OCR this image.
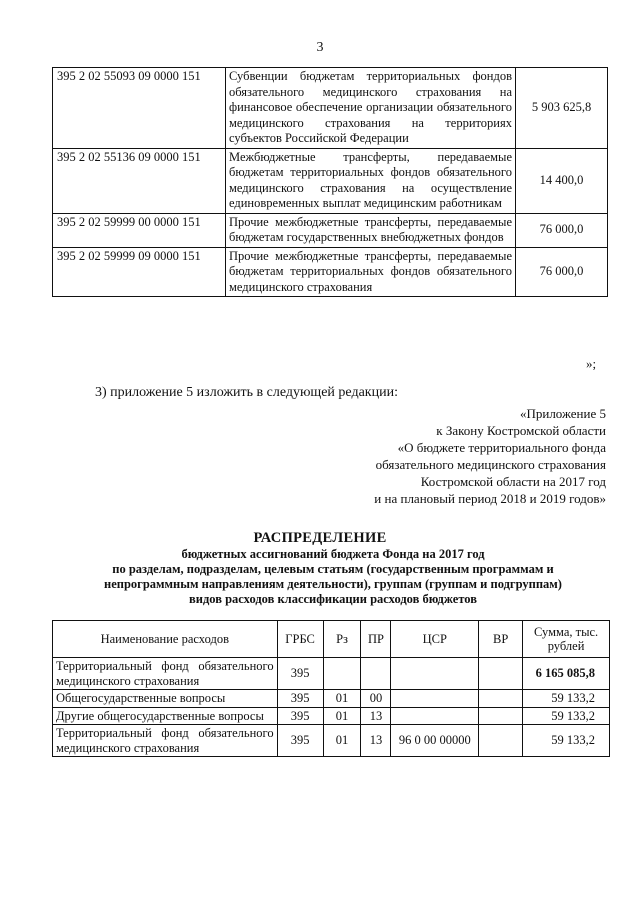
3
395 2 02 55093 09 0000 151	Субвенции бюджетам территориальных фондов обязательного медицинского страхования на финансовое обеспечение организации обязательного медицинского страхования на территориях субъектов Российской Федерации	5 903 625,8
395 2 02 55136 09 0000 151	Межбюджетные трансферты, передаваемые бюджетам территориальных фондов обязательного медицинского страхования на осуществление единовременных выплат медицинским работникам	14 400,0
395 2 02 59999 00 0000 151	Прочие межбюджетные трансферты, передаваемые бюджетам государственных внебюджетных фондов	76 000,0
395 2 02 59999 09 0000 151	Прочие межбюджетные трансферты, передаваемые бюджетам территориальных фондов обязательного медицинского страхования	76 000,0
»;
3) приложение 5 изложить в следующей редакции:
«Приложение 5
к Закону Костромской области
«О бюджете территориального фонда
обязательного медицинского страхования
Костромской области на 2017 год
и на плановый период 2018 и 2019 годов»
РАСПРЕДЕЛЕНИЕ
бюджетных ассигнований бюджета Фонда на 2017 год
по разделам, подразделам, целевым статьям (государственным программам и
непрограммным направлениям деятельности), группам (группам и подгруппам)
видов расходов классификации расходов бюджетов
Наименование расходов	ГРБС	Рз	ПР	ЦСР	ВР	Сумма, тыс. рублей
Территориальный фонд обязательного медицинского страхования	395					6 165 085,8
Общегосударственные вопросы	395	01	00			59 133,2
Другие общегосударственные вопросы	395	01	13			59 133,2
Территориальный фонд обязательного медицинского страхования	395	01	13	96 0 00 00000		59 133,2
